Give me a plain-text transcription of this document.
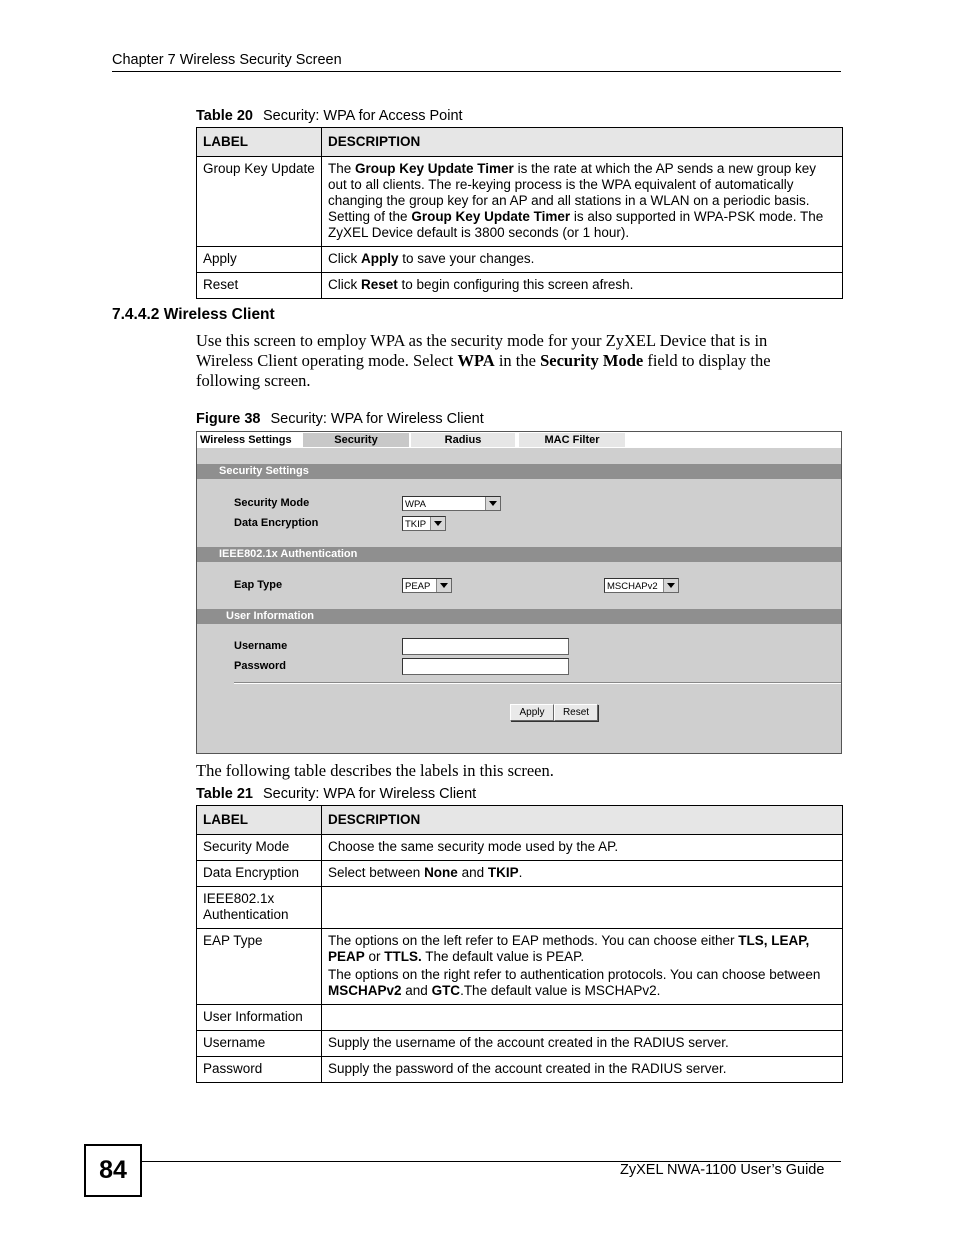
Chapter 7 Wireless Security Screen
Table 20 Security: WPA for Access Point
LABEL	DESCRIPTION
Group Key Update	The Group Key Update Timer is the rate at which the AP sends a new group key out to all clients. The re-keying process is the WPA equivalent of automatically changing the group key for an AP and all stations in a WLAN on a periodic basis. Setting of the Group Key Update Timer is also supported in WPA-PSK mode. The ZyXEL Device default is 3800 seconds (or 1 hour).
Apply	Click Apply to save your changes.
Reset	Click Reset to begin configuring this screen afresh.
7.4.4.2 Wireless Client
Use this screen to employ WPA as the security mode for your ZyXEL Device that is in Wireless Client operating mode. Select WPA in the Security Mode field to display the following screen.
Figure 38 Security: WPA for Wireless Client
Wireless Settings	Security	Radius	MAC Filter
Security Settings
Security Mode	WPA
Data Encryption	TKIP
IEEE802.1x Authentication
Eap Type	PEAP	MSCHAPv2
User Information
Username
Password
Apply	Reset
The following table describes the labels in this screen.
Table 21 Security: WPA for Wireless Client
LABEL	DESCRIPTION
Security Mode	Choose the same security mode used by the AP.
Data Encryption	Select between None and TKIP.
IEEE802.1x Authentication	
EAP Type	The options on the left refer to EAP methods. You can choose either TLS, LEAP, PEAP or TTLS. The default value is PEAP.

The options on the right refer to authentication protocols. You can choose between MSCHAPv2 and GTC.The default value is MSCHAPv2.

User Information	
Username	Supply the username of the account created in the RADIUS server.
Password	Supply the password of the account created in the RADIUS server.
84	ZyXEL NWA-1100 User’s Guide
